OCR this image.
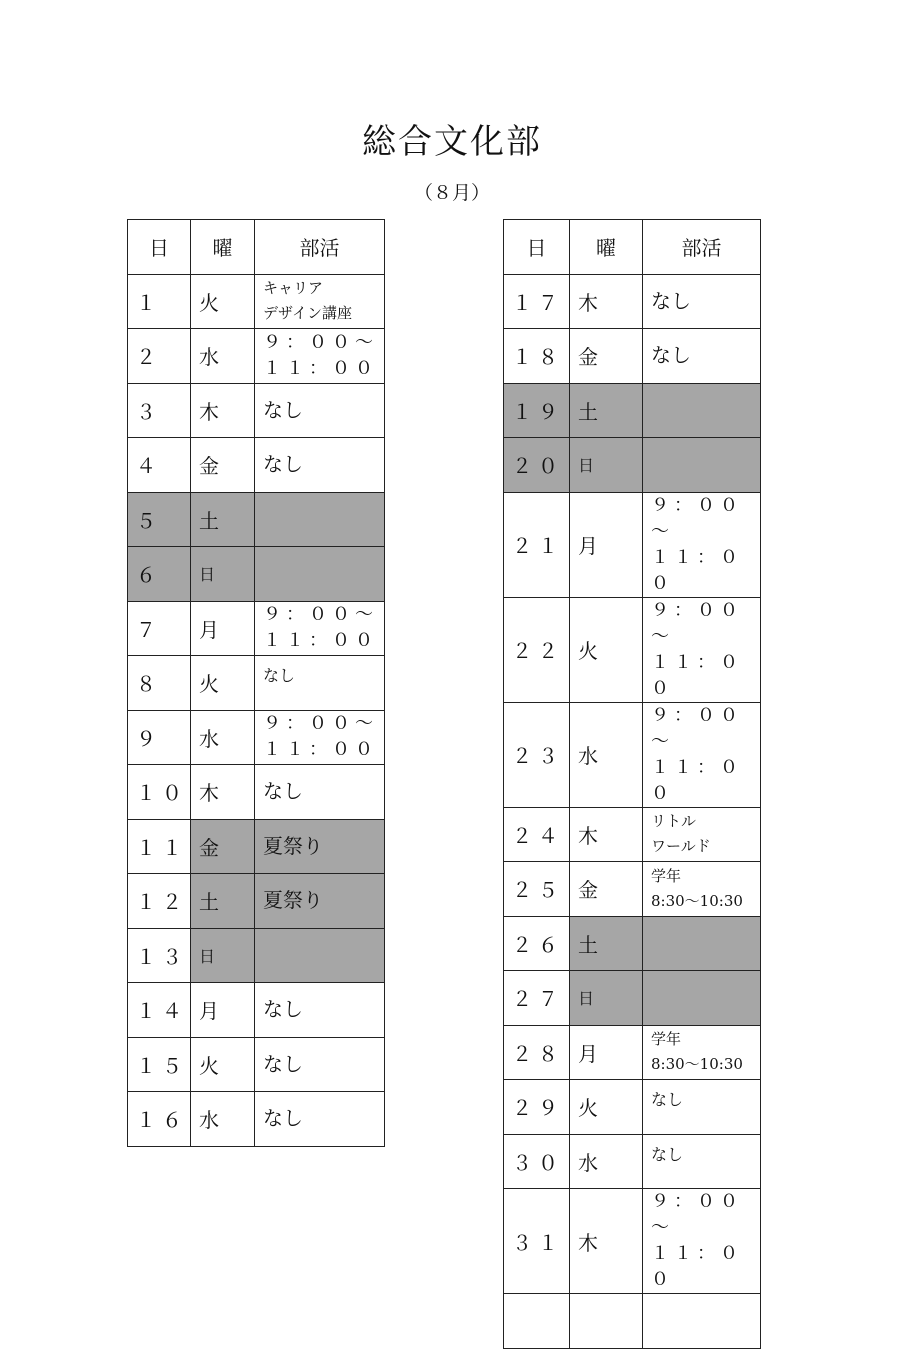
総合文化部
（８月）
日	曜	部活
１	火	キャリア
デザイン講座
２	水	９：００～
１１：００
３	木	なし
４	金	なし
５	土	
６	日	
７	月	９：００～
１１：００
８	火	なし
９	水	９：００～
１１：００
１０	木	なし
１１	金	夏祭り
１２	土	夏祭り
１３	日	
１４	月	なし
１５	火	なし
１６	水	なし
日	曜	部活
１７	木	なし
１８	金	なし
１９	土	
２０	日	
２１	月	９：００～
１１：００
２２	火	９：００～
１１：００
２３	水	９：００～
１１：００
２４	木	リトル
ワールド
２５	金	学年
8:30～10:30
２６	土	
２７	日	
２８	月	学年
8:30～10:30
２９	火	なし
３０	水	なし
３１	木	９：００～
１１：００
